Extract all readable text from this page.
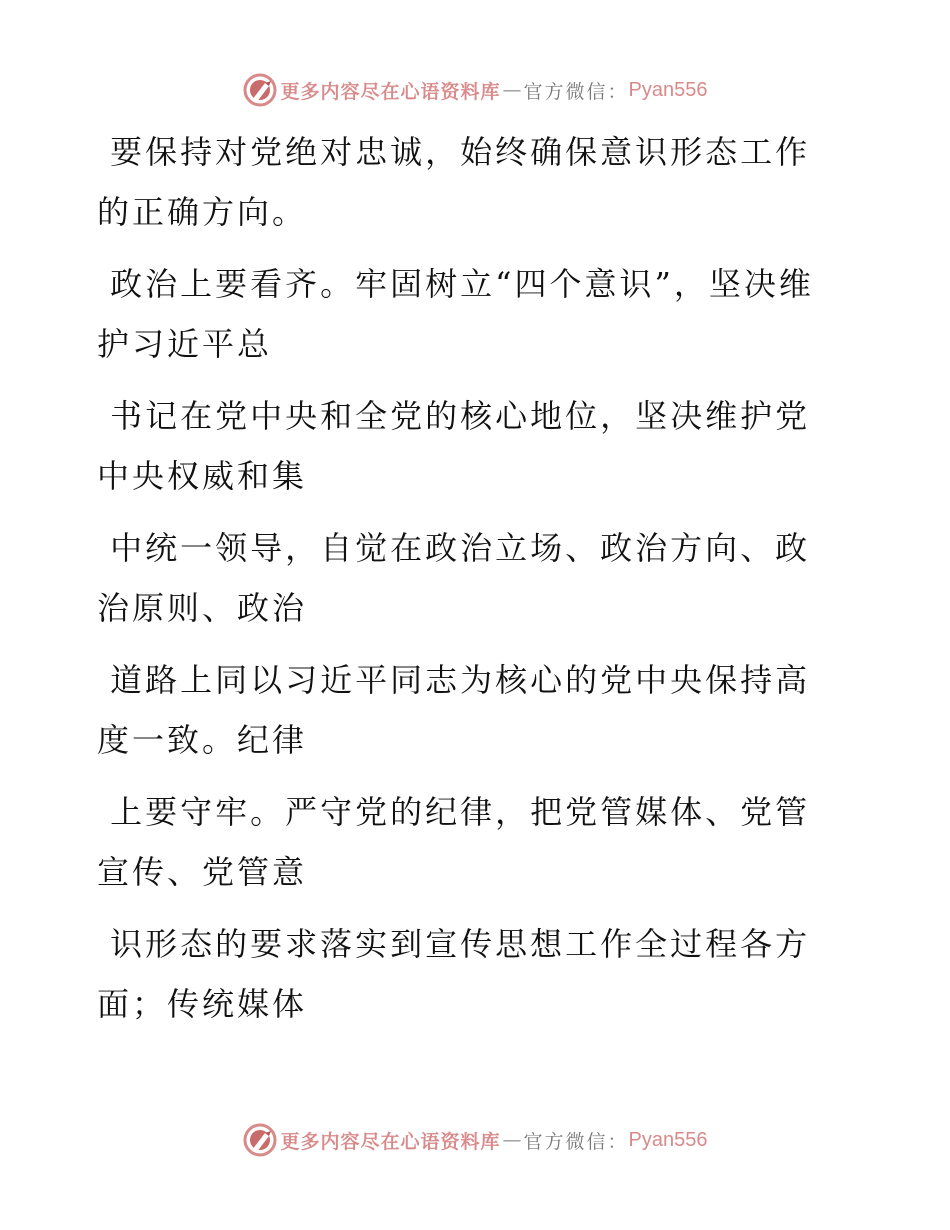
更多内容尽在心语资料库 — 官方微信： Pyan556

要保持对党绝对忠诚，始终确保意识形态工作的正确方向。

政治上要看齐。牢固树立“四个意识”，坚决维护习近平总

书记在党中央和全党的核心地位，坚决维护党中央权威和集

中统一领导，自觉在政治立场、政治方向、政治原则、政治

道路上同以习近平同志为核心的党中央保持高度一致。纪律

上要守牢。严守党的纪律，把党管媒体、党管宣传、党管意

识形态的要求落实到宣传思想工作全过程各方面；传统媒体

更多内容尽在心语资料库 — 官方微信： Pyan556
